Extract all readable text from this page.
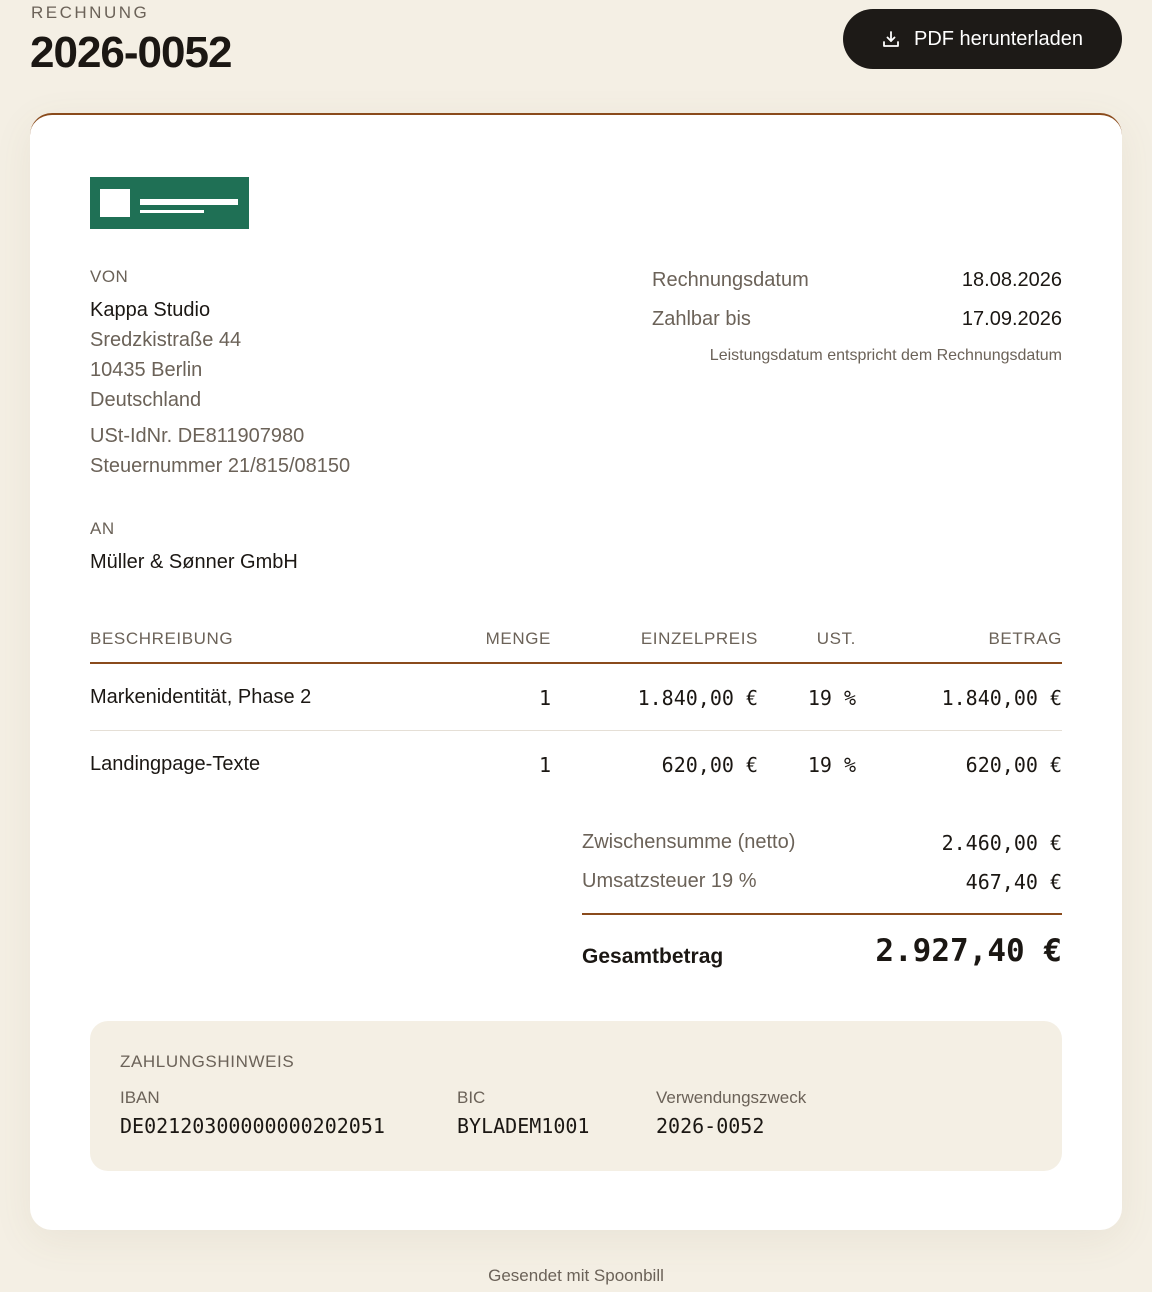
RECHNUNG
2026-0052	PDF herunterladen
VON
Kappa Studio
Sredzkistraße 44
10435 Berlin
Deutschland
USt-IdNr. DE811907980
Steuernummer 21/815/08150
AN
Müller & Sønner GmbH
Rechnungsdatum	18.08.2026
Zahlbar bis	17.09.2026
Leistungsdatum entspricht dem Rechnungsdatum
BESCHREIBUNG	MENGE	EINZELPREIS	UST.	BETRAG
Markenidentität, Phase 2	1	1.840,00 €	19 %	1.840,00 €
Landingpage-Texte	1	620,00 €	19 %	620,00 €
Zwischensumme (netto)	2.460,00 €
Umsatzsteuer 19 %	467,40 €
Gesamtbetrag	2.927,40 €
ZAHLUNGSHINWEIS
IBAN
DE02120300000000202051
BIC
BYLADEM1001
Verwendungszweck
2026-0052
Gesendet mit Spoonbill
